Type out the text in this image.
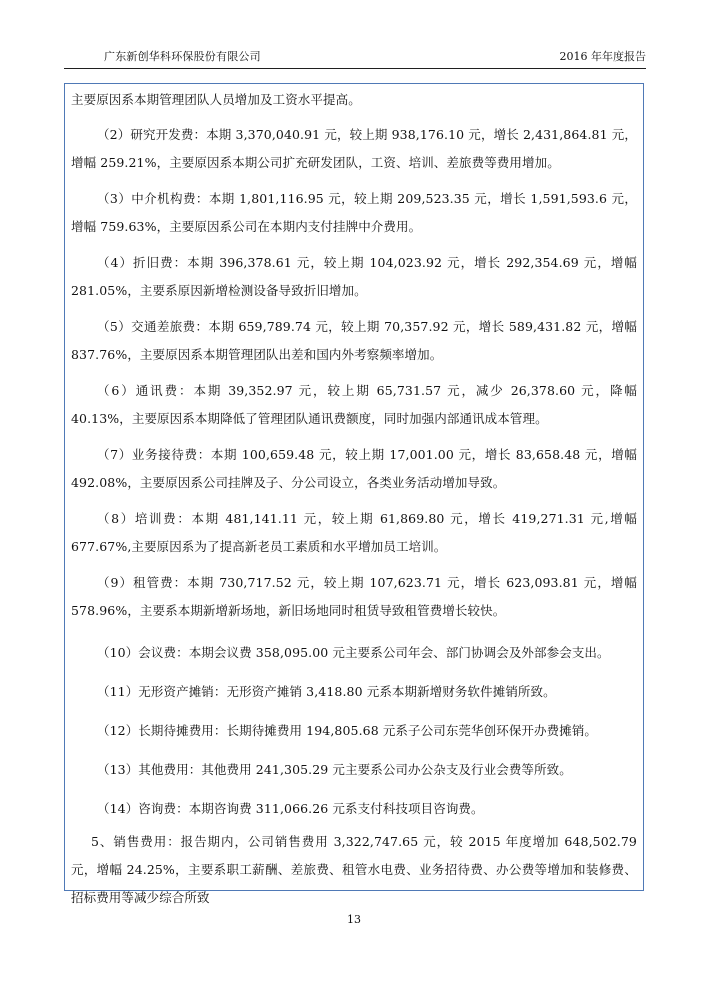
广东新创华科环保股份有限公司	2016 年年度报告
主要原因系本期管理团队人员增加及工资水平提高。
（2）研究开发费：本期 3,370,040.91 元，较上期 938,176.10 元，增长 2,431,864.81 元，增幅 259.21%，主要原因系本期公司扩充研发团队，工资、培训、差旅费等费用增加。
（3）中介机构费：本期 1,801,116.95 元，较上期 209,523.35 元，增长 1,591,593.6 元，增幅 759.63%，主要原因系公司在本期内支付挂牌中介费用。
（4）折旧费：本期 396,378.61 元，较上期 104,023.92 元，增长 292,354.69 元，增幅 281.05%，主要系原因新增检测设备导致折旧增加。
（5）交通差旅费：本期 659,789.74 元，较上期 70,357.92 元，增长 589,431.82 元，增幅 837.76%，主要原因系本期管理团队出差和国内外考察频率增加。
（6）通讯费：本期 39,352.97 元，较上期 65,731.57 元，减少 26,378.60 元，降幅 40.13%，主要原因系本期降低了管理团队通讯费额度，同时加强内部通讯成本管理。
（7）业务接待费：本期 100,659.48 元，较上期 17,001.00 元，增长 83,658.48 元，增幅 492.08%，主要原因系公司挂牌及子、分公司设立，各类业务活动增加导致。
（8）培训费：本期 481,141.11 元，较上期 61,869.80 元，增长 419,271.31 元,增幅 677.67%,主要原因系为了提高新老员工素质和水平增加员工培训。
（9）租管费：本期 730,717.52 元，较上期 107,623.71 元，增长 623,093.81 元，增幅 578.96%，主要系本期新增新场地，新旧场地同时租赁导致租管费增长较快。
（10）会议费：本期会议费 358,095.00 元主要系公司年会、部门协调会及外部参会支出。
（11）无形资产摊销：无形资产摊销 3,418.80 元系本期新增财务软件摊销所致。
（12）长期待摊费用：长期待摊费用 194,805.68 元系子公司东莞华创环保开办费摊销。
（13）其他费用：其他费用 241,305.29 元主要系公司办公杂支及行业会费等所致。
（14）咨询费：本期咨询费 311,066.26 元系支付科技项目咨询费。
5、销售费用：报告期内，公司销售费用 3,322,747.65 元，较 2015 年度增加 648,502.79 元，增幅 24.25%，主要系职工薪酬、差旅费、租管水电费、业务招待费、办公费等增加和装修费、招标费用等减少综合所致
13
